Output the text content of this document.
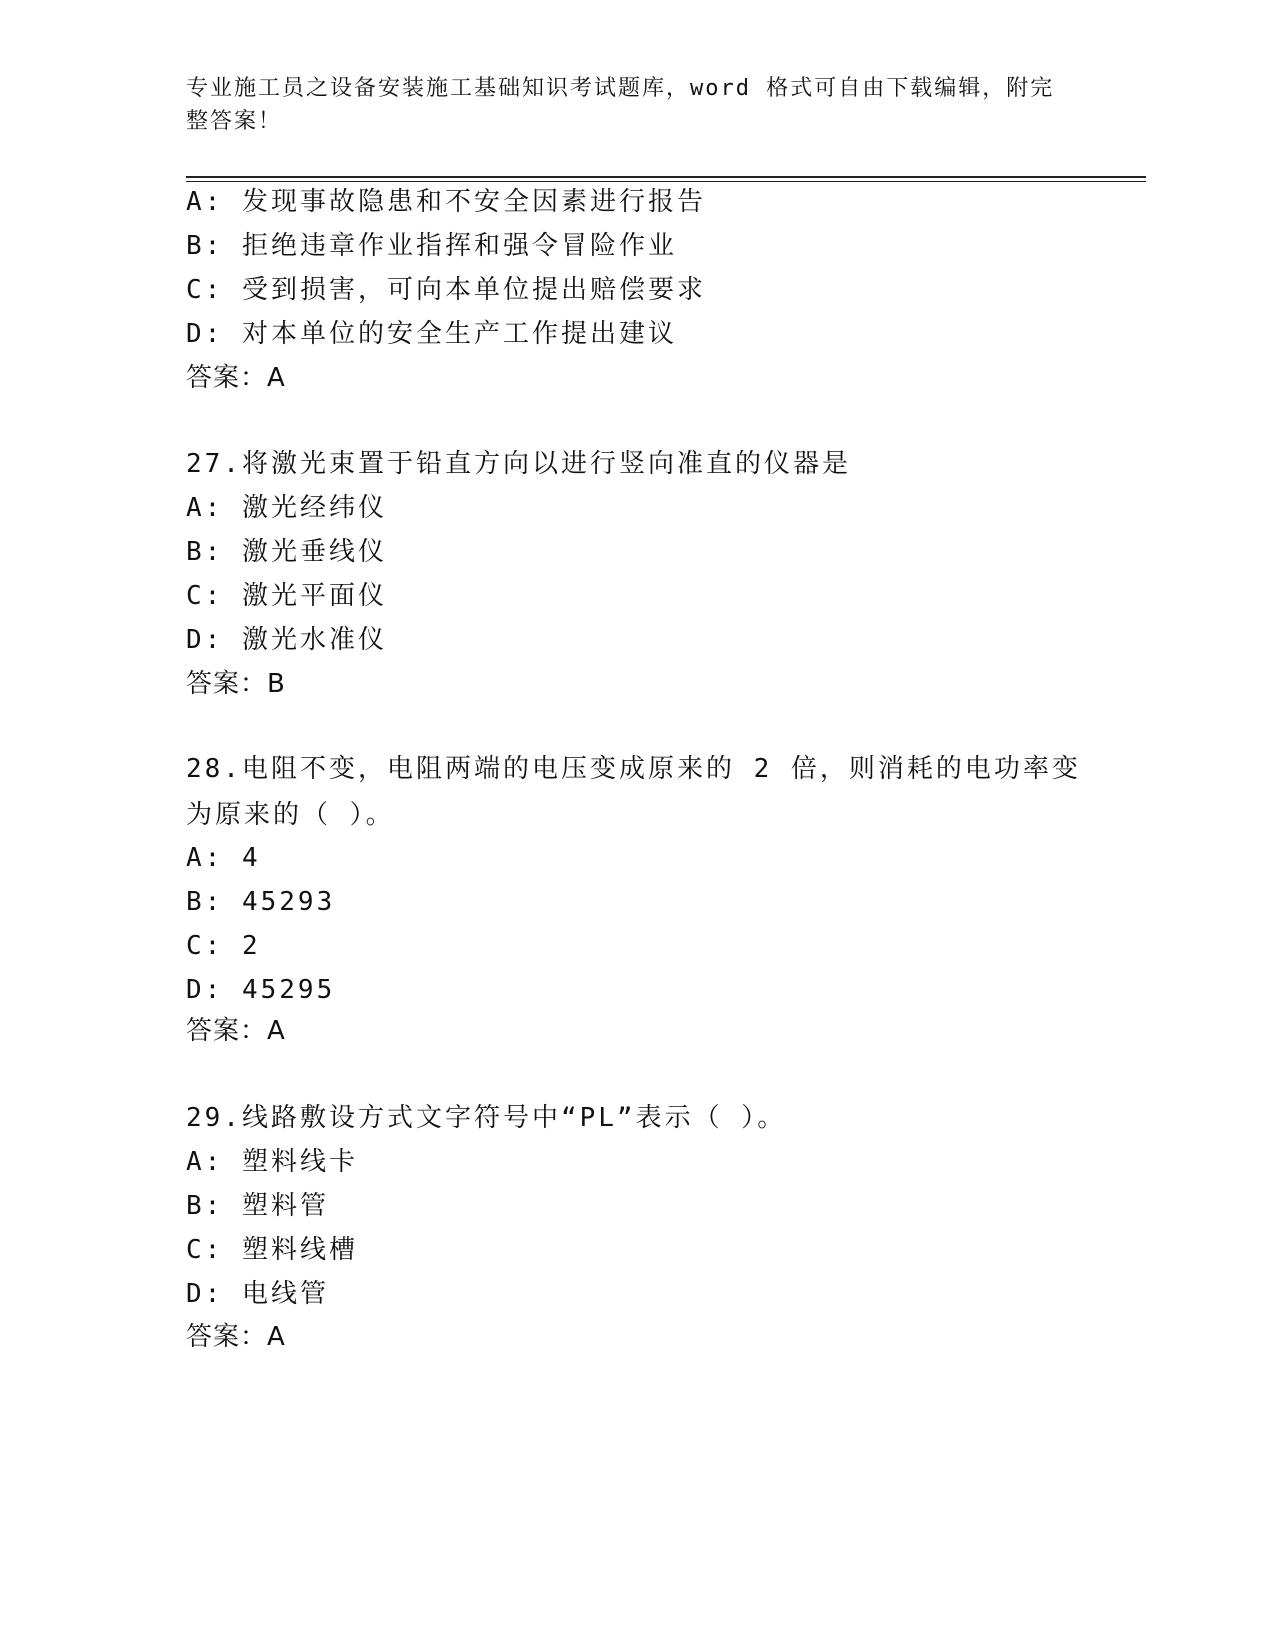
专业施工员之设备安装施工基础知识考试题库，word 格式可自由下载编辑，附完整答案！
A: 发现事故隐患和不安全因素进行报告
B: 拒绝违章作业指挥和强令冒险作业
C: 受到损害，可向本单位提出赔偿要求
D: 对本单位的安全生产工作提出建议
答案：A
27.将激光束置于铅直方向以进行竖向准直的仪器是
A: 激光经纬仪
B: 激光垂线仪
C: 激光平面仪
D: 激光水准仪
答案：B
28.电阻不变，电阻两端的电压变成原来的 2 倍，则消耗的电功率变为原来的（ ）。
A: 4
B: 45293
C: 2
D: 45295
答案：A
29.线路敷设方式文字符号中“PL”表示（ ）。
A: 塑料线卡
B: 塑料管
C: 塑料线槽
D: 电线管
答案：A
